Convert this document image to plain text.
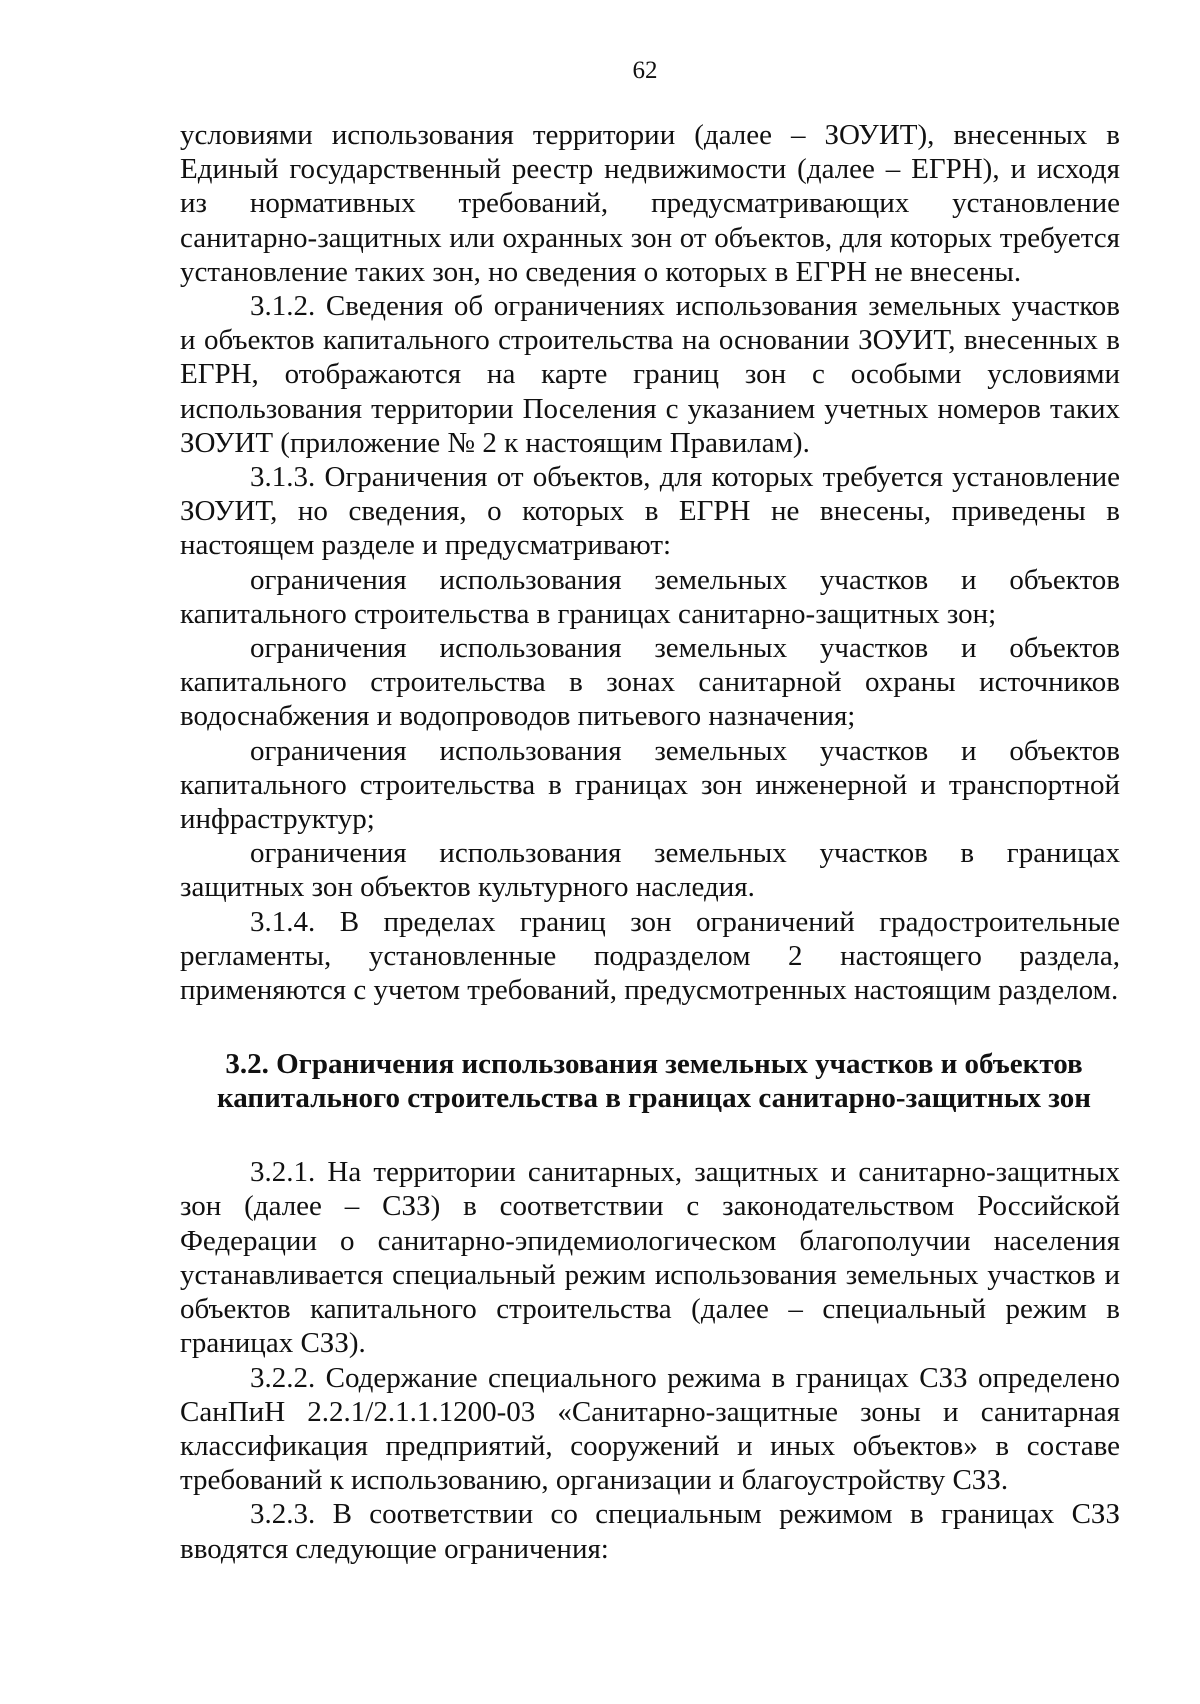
62

условиями использования территории (далее – ЗОУИТ), внесенных в Единый государственный реестр недвижимости (далее – ЕГРН), и исходя из нормативных требований, предусматривающих установление санитарно-защитных или охранных зон от объектов, для которых требуется установление таких зон, но сведения о которых в ЕГРН не внесены.

3.1.2. Сведения об ограничениях использования земельных участков и объектов капитального строительства на основании ЗОУИТ, внесенных в ЕГРН, отображаются на карте границ зон с особыми условиями использования территории Поселения с указанием учетных номеров таких ЗОУИТ (приложение № 2 к настоящим Правилам).

3.1.3. Ограничения от объектов, для которых требуется установление ЗОУИТ, но сведения, о которых в ЕГРН не внесены, приведены в настоящем разделе и предусматривают:

ограничения использования земельных участков и объектов капитального строительства в границах санитарно-защитных зон;

ограничения использования земельных участков и объектов капитального строительства в зонах санитарной охраны источников водоснабжения и водопроводов питьевого назначения;

ограничения использования земельных участков и объектов капитального строительства в границах зон инженерной и транспортной инфраструктур;

ограничения использования земельных участков в границах защитных зон объектов культурного наследия.

3.1.4. В пределах границ зон ограничений градостроительные регламенты, установленные подразделом 2 настоящего раздела, применяются с учетом требований, предусмотренных настоящим разделом.

3.2. Ограничения использования земельных участков и объектов
капитального строительства в границах санитарно-защитных зон

3.2.1. На территории санитарных, защитных и санитарно-защитных зон (далее – СЗЗ) в соответствии с законодательством Российской Федерации о санитарно-эпидемиологическом благополучии населения устанавливается специальный режим использования земельных участков и объектов капитального строительства (далее – специальный режим в границах СЗЗ).

3.2.2. Содержание специального режима в границах СЗЗ определено СанПиН 2.2.1/2.1.1.1200-03 «Санитарно-защитные зоны и санитарная классификация предприятий, сооружений и иных объектов» в составе требований к использованию, организации и благоустройству СЗЗ.

3.2.3. В соответствии со специальным режимом в границах СЗЗ вводятся следующие ограничения:
